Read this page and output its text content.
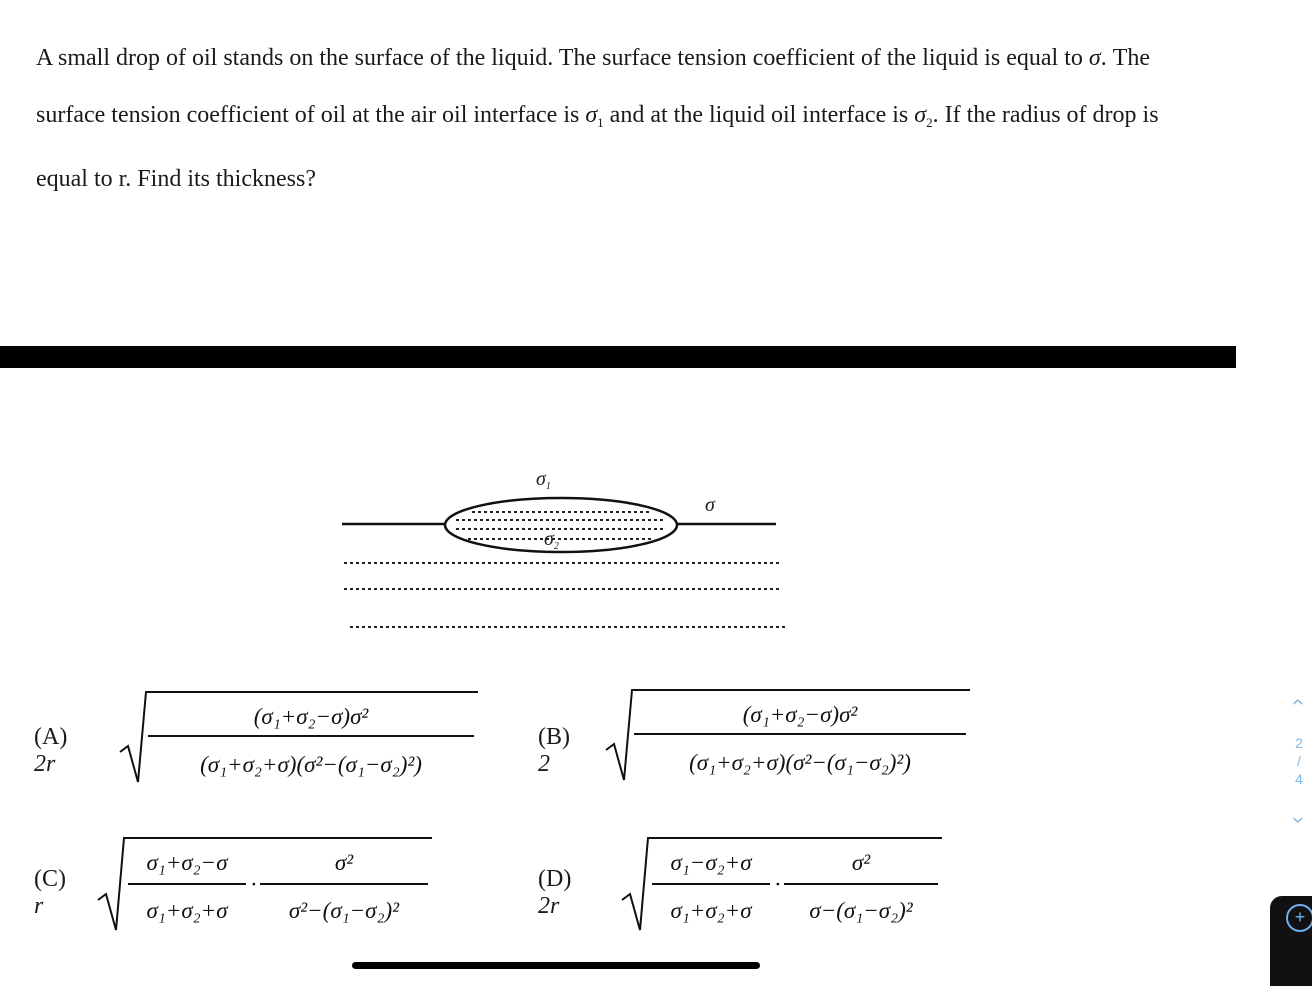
A small drop of oil stands on the surface of the liquid. The surface tension coefficient of the liquid is equal to σ. The surface tension coefficient of oil at the air oil interface is $\sigma_1$ and at the liquid oil interface is $\sigma_2$. If the radius of drop is equal to r. Find its thickness?
$\sigma_1$
σ
$\sigma_2$
(A) 2r
(σ₁+σ₂−σ)σ²
(σ₁+σ₂+σ)(σ²−(σ₁−σ₂)²)
(B) 2
(σ₁+σ₂−σ)σ²
(σ₁+σ₂+σ)(σ²−(σ₁−σ₂)²)
(C) r
σ₁+σ₂−σ
σ₁+σ₂+σ
·
σ²
σ²−(σ₁−σ₂)²
(D) 2r
σ₁−σ₂+σ
σ₁+σ₂+σ
·
σ²
σ−(σ₁−σ₂)²
‹
2
/
4
›
+
